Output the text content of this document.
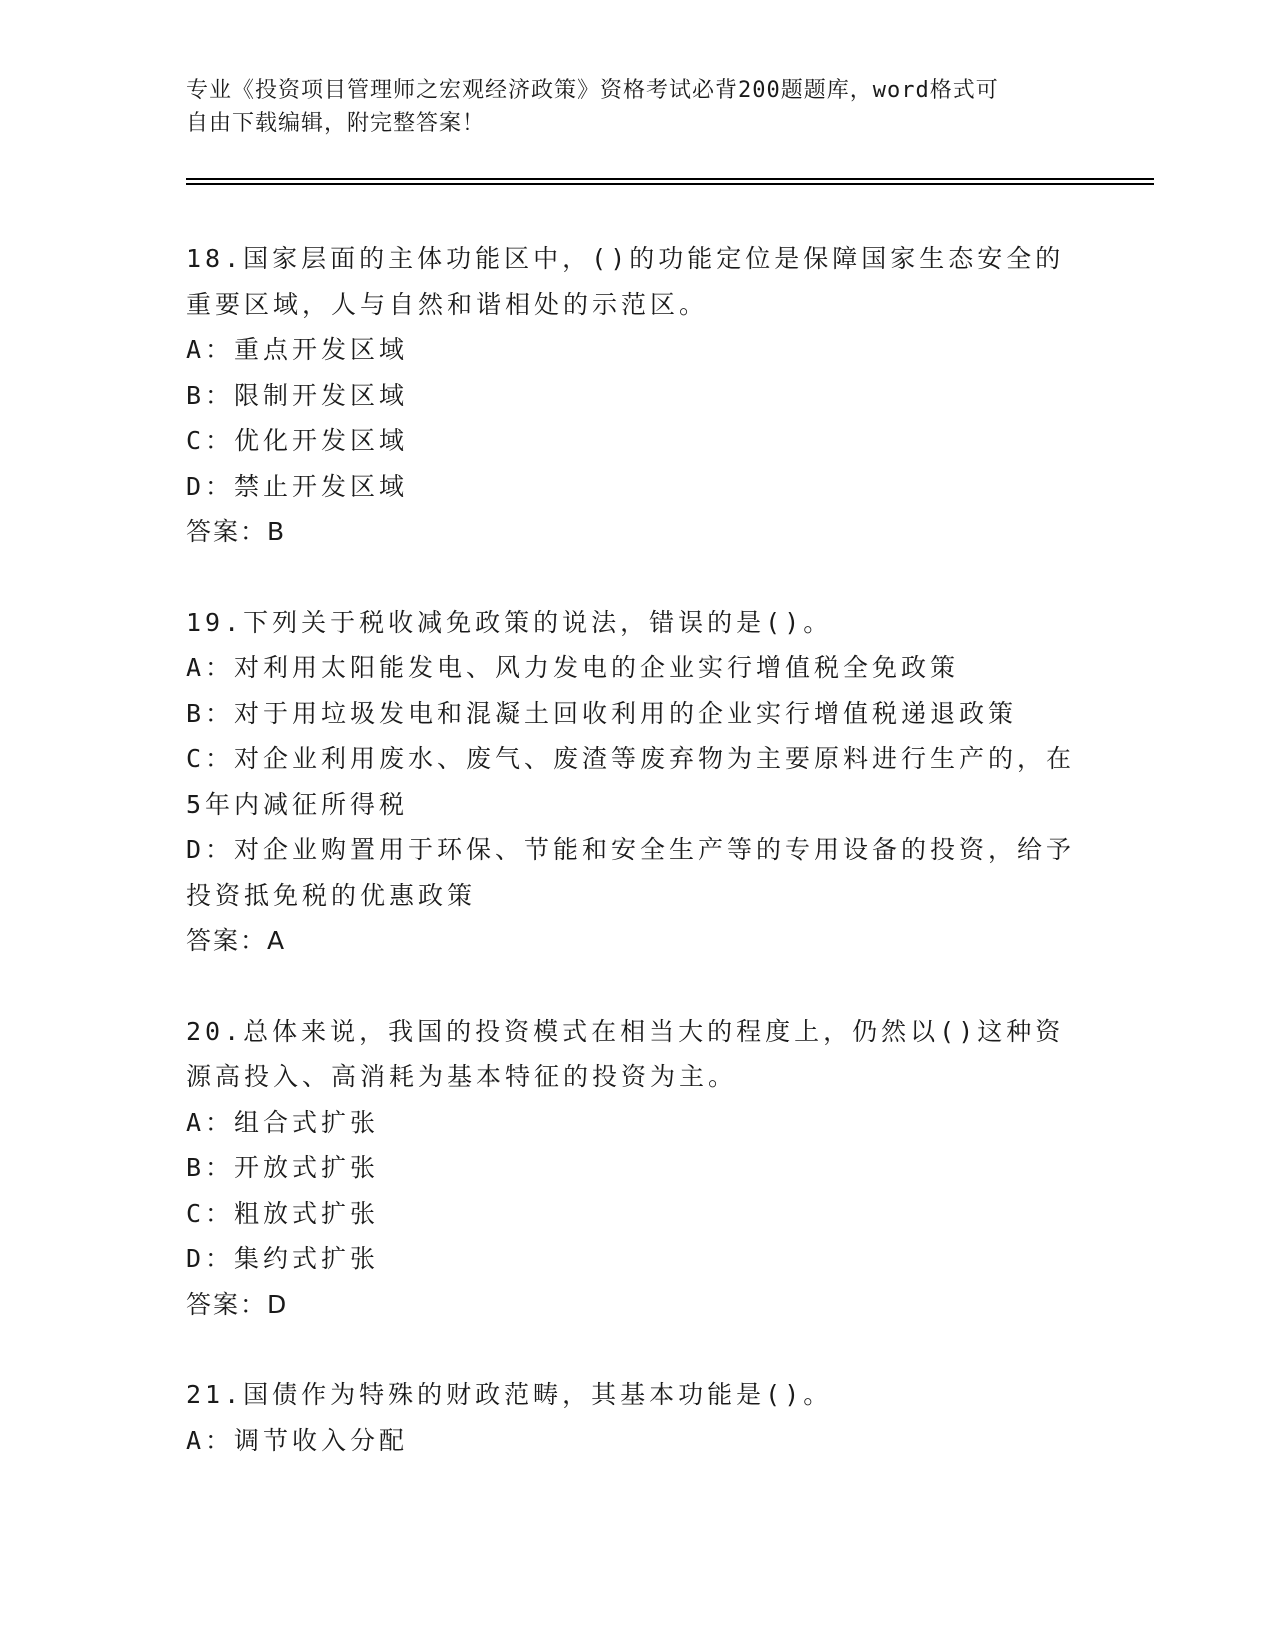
专业《投资项目管理师之宏观经济政策》资格考试必背200题题库，word格式可
自由下载编辑，附完整答案！

18.国家层面的主体功能区中，()的功能定位是保障国家生态安全的重要区域，人与自然和谐相处的示范区。

A：重点开发区域

B：限制开发区域

C：优化开发区域

D：禁止开发区域

答案：B

19.下列关于税收减免政策的说法，错误的是()。

A：对利用太阳能发电、风力发电的企业实行增值税全免政策

B：对于用垃圾发电和混凝土回收利用的企业实行增值税递退政策

C：对企业利用废水、废气、废渣等废弃物为主要原料进行生产的，在5年内减征所得税

D：对企业购置用于环保、节能和安全生产等的专用设备的投资，给予投资抵免税的优惠政策

答案：A

20.总体来说，我国的投资模式在相当大的程度上，仍然以()这种资源高投入、高消耗为基本特征的投资为主。

A：组合式扩张

B：开放式扩张

C：粗放式扩张

D：集约式扩张

答案：D

21.国债作为特殊的财政范畴，其基本功能是()。

A：调节收入分配
